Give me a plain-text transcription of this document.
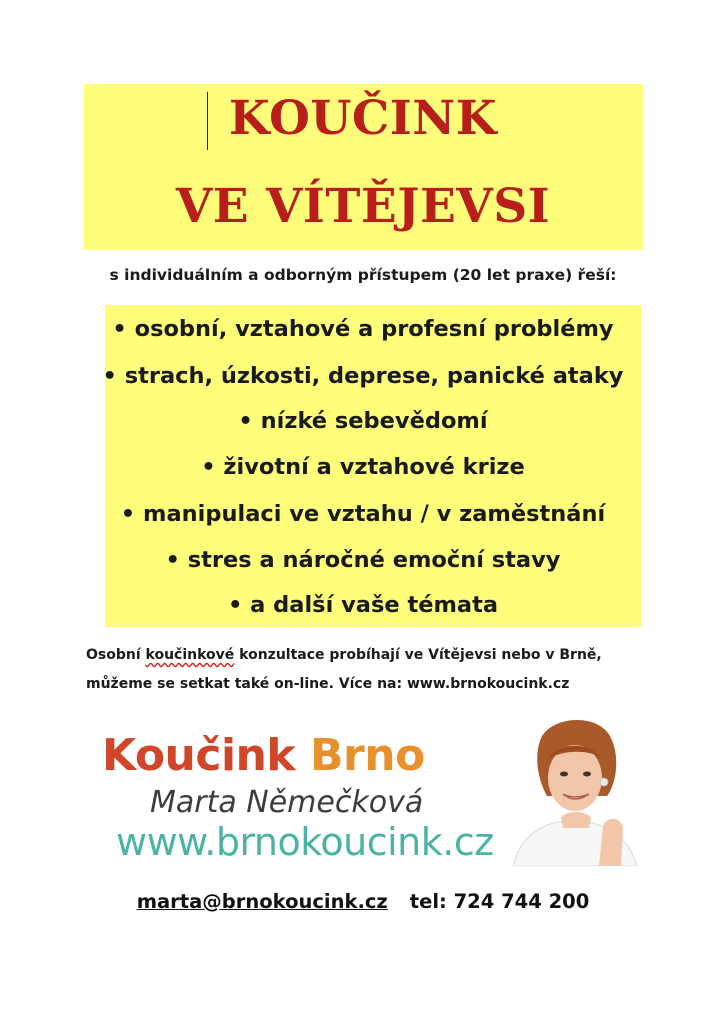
KOUČINK
VE VÍTĚJEVSI
s individuálním a odborným přístupem (20 let praxe) řeší:
• osobní, vztahové a profesní problémy
• strach, úzkosti, deprese, panické ataky
• nízké sebevědomí
• životní a vztahové krize
• manipulaci ve vztahu / v zaměstnání
• stres a náročné emoční stavy
• a další vaše témata
Osobní koučinkové konzultace probíhají ve Vítějevsi nebo v Brně,
můžeme se setkat také on-line. Více na: www.brnokoucink.cz
Koučink Brno
Marta Němečková
www.brnokoucink.cz
marta@brnokoucink.cz tel: 724 744 200
